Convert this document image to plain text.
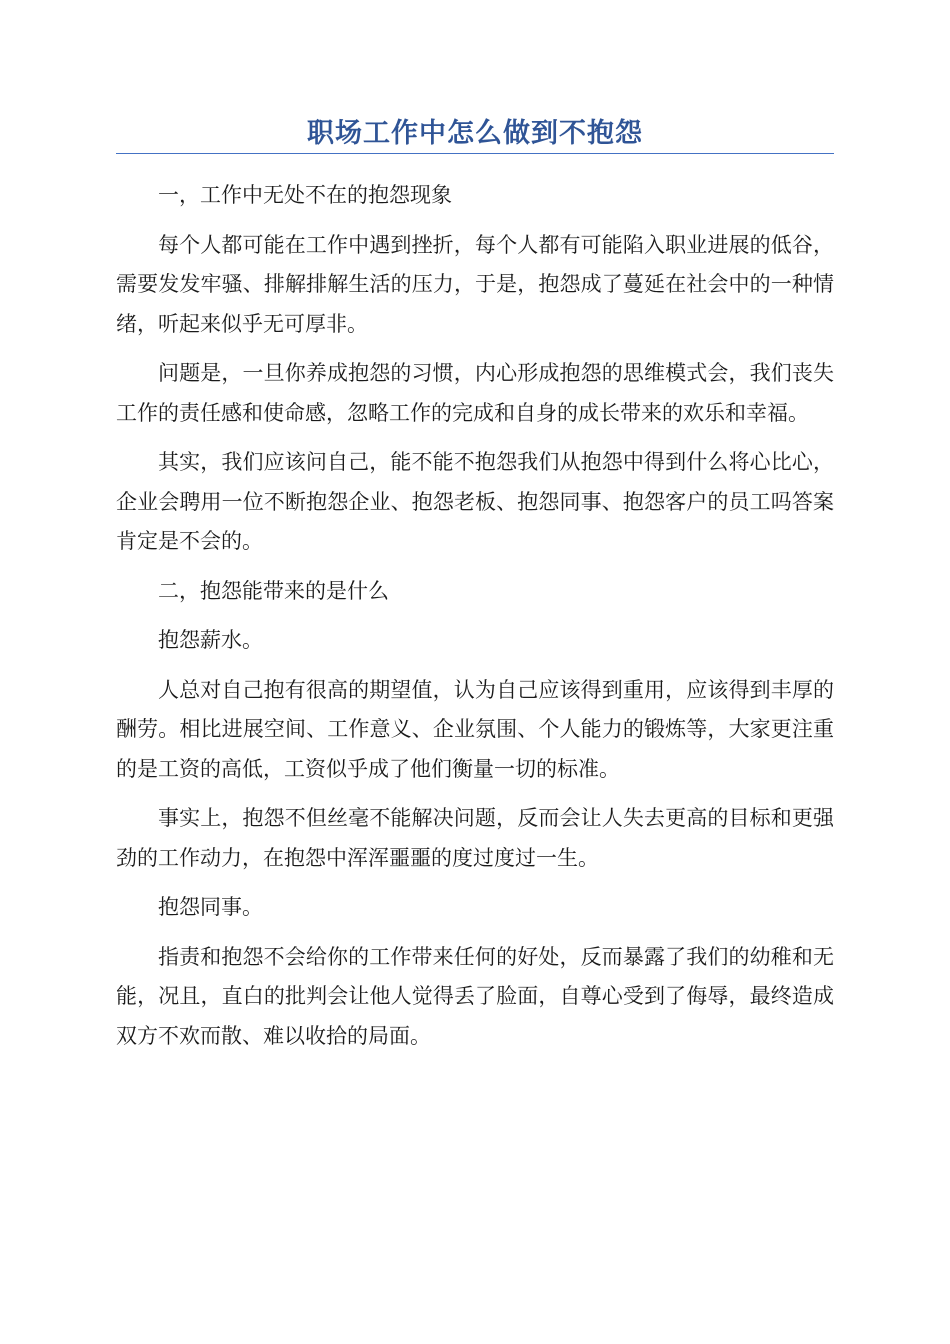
职场工作中怎么做到不抱怨

一，工作中无处不在的抱怨现象

每个人都可能在工作中遇到挫折，每个人都有可能陷入职业进展的低谷，需要发发牢骚、排解排解生活的压力，于是，抱怨成了蔓延在社会中的一种情绪，听起来似乎无可厚非。

问题是，一旦你养成抱怨的习惯，内心形成抱怨的思维模式会，我们丧失工作的责任感和使命感，忽略工作的完成和自身的成长带来的欢乐和幸福。

其实，我们应该问自己，能不能不抱怨我们从抱怨中得到什么将心比心，企业会聘用一位不断抱怨企业、抱怨老板、抱怨同事、抱怨客户的员工吗答案肯定是不会的。

二，抱怨能带来的是什么

抱怨薪水。

人总对自己抱有很高的期望值，认为自己应该得到重用，应该得到丰厚的酬劳。相比进展空间、工作意义、企业氛围、个人能力的锻炼等，大家更注重的是工资的高低，工资似乎成了他们衡量一切的标准。

事实上，抱怨不但丝毫不能解决问题，反而会让人失去更高的目标和更强劲的工作动力，在抱怨中浑浑噩噩的度过度过一生。

抱怨同事。

指责和抱怨不会给你的工作带来任何的好处，反而暴露了我们的幼稚和无能，况且，直白的批判会让他人觉得丢了脸面，自尊心受到了侮辱，最终造成双方不欢而散、难以收拾的局面。
